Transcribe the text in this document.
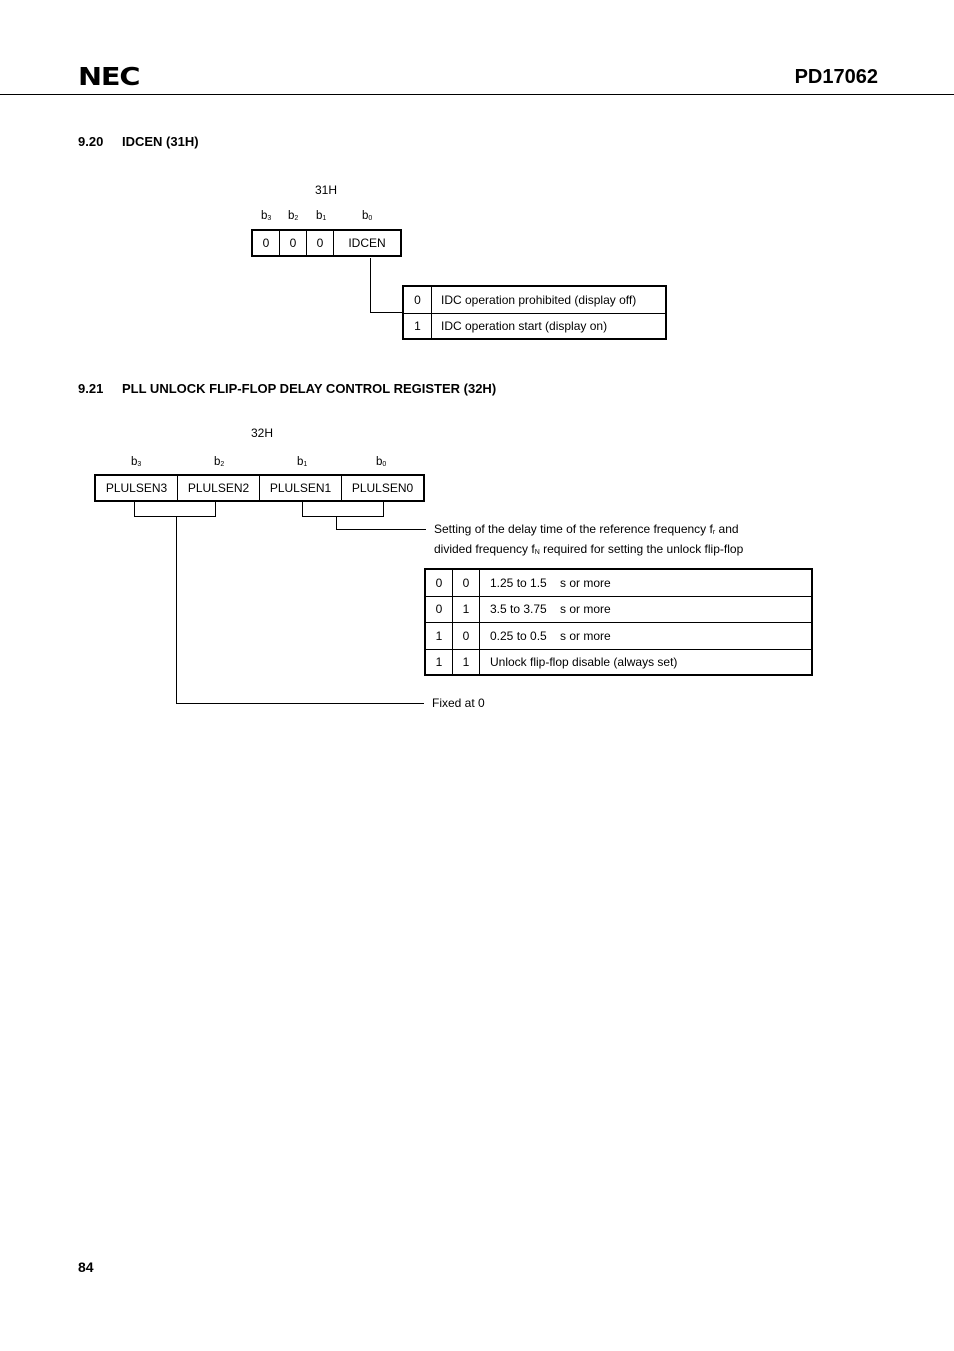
NEC	PD17062
9.20 IDCEN (31H)
31H
$b_3$ $b_2$ $b_1$	$b_0$
0	0	0	IDCEN
0	IDC operation prohibited (display off)
1	IDC operation start (display on)
9.21 PLL UNLOCK FLIP-FLOP DELAY CONTROL REGISTER (32H)
32H
$b_3$	$b_2$	$b_1$	$b_0$
PLULSEN3	PLULSEN2	PLULSEN1	PLULSEN0
Setting of the delay time of the reference frequency $f_r$ and
divided frequency $f_N$ required for setting the unlock flip-flop
0	0	1.25 to 1.5    s or more
0	1	3.5 to 3.75    s or more
1	0	0.25 to 0.5    s or more
1	1	Unlock flip-flop disable (always set)
Fixed at 0
84
